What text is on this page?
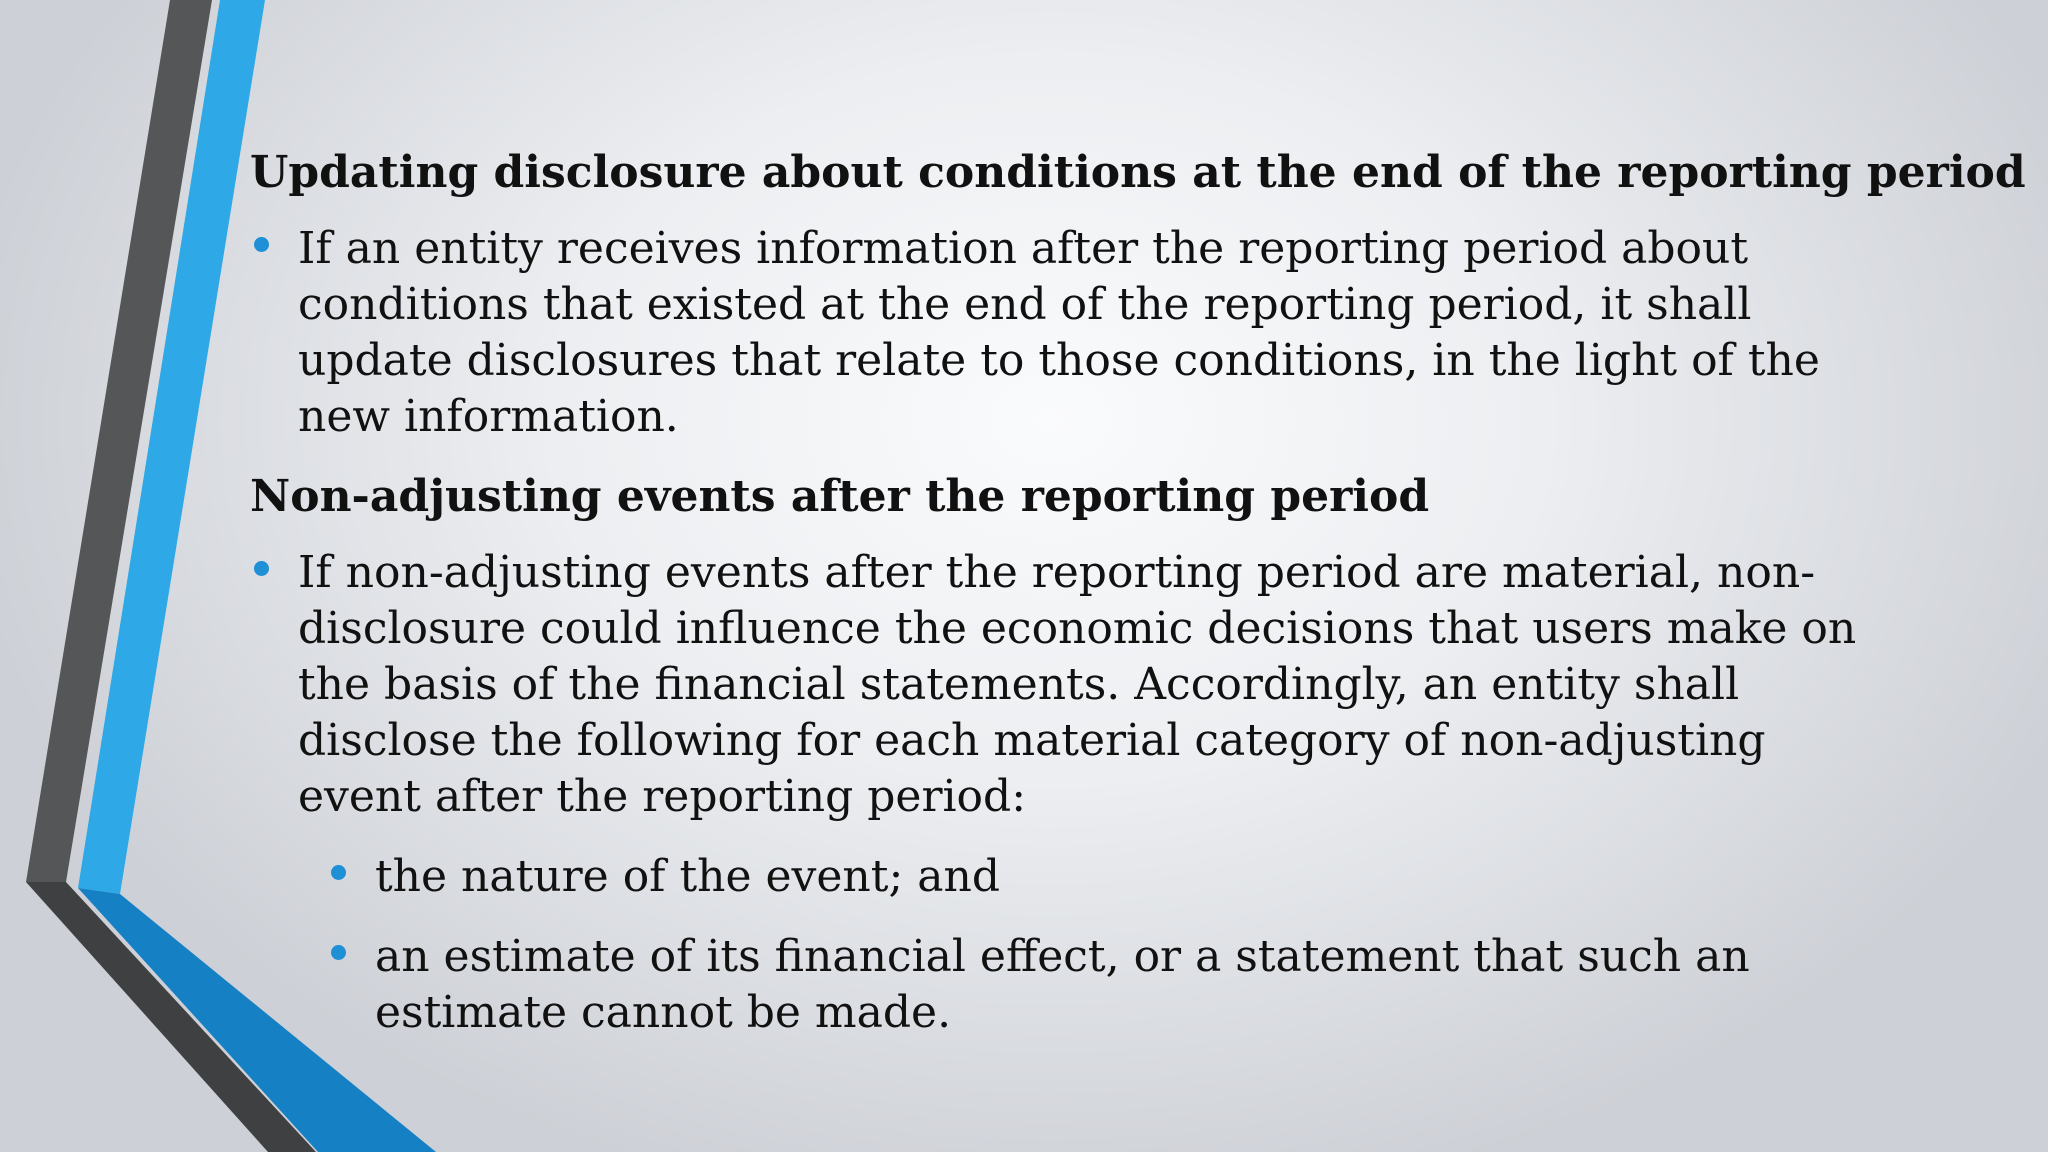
Updating disclosure about conditions at the end of the reporting period
If an entity receives information after the reporting period about conditions that existed at the end of the reporting period, it shall update disclosures that relate to those conditions, in the light of the new information.
Non-adjusting events after the reporting period
If non-adjusting events after the reporting period are material, non-disclosure could influence the economic decisions that users make on the basis of the financial statements. Accordingly, an entity shall disclose the following for each material category of non-adjusting event after the reporting period:
the nature of the event; and
an estimate of its financial effect, or a statement that such an estimate cannot be made.
